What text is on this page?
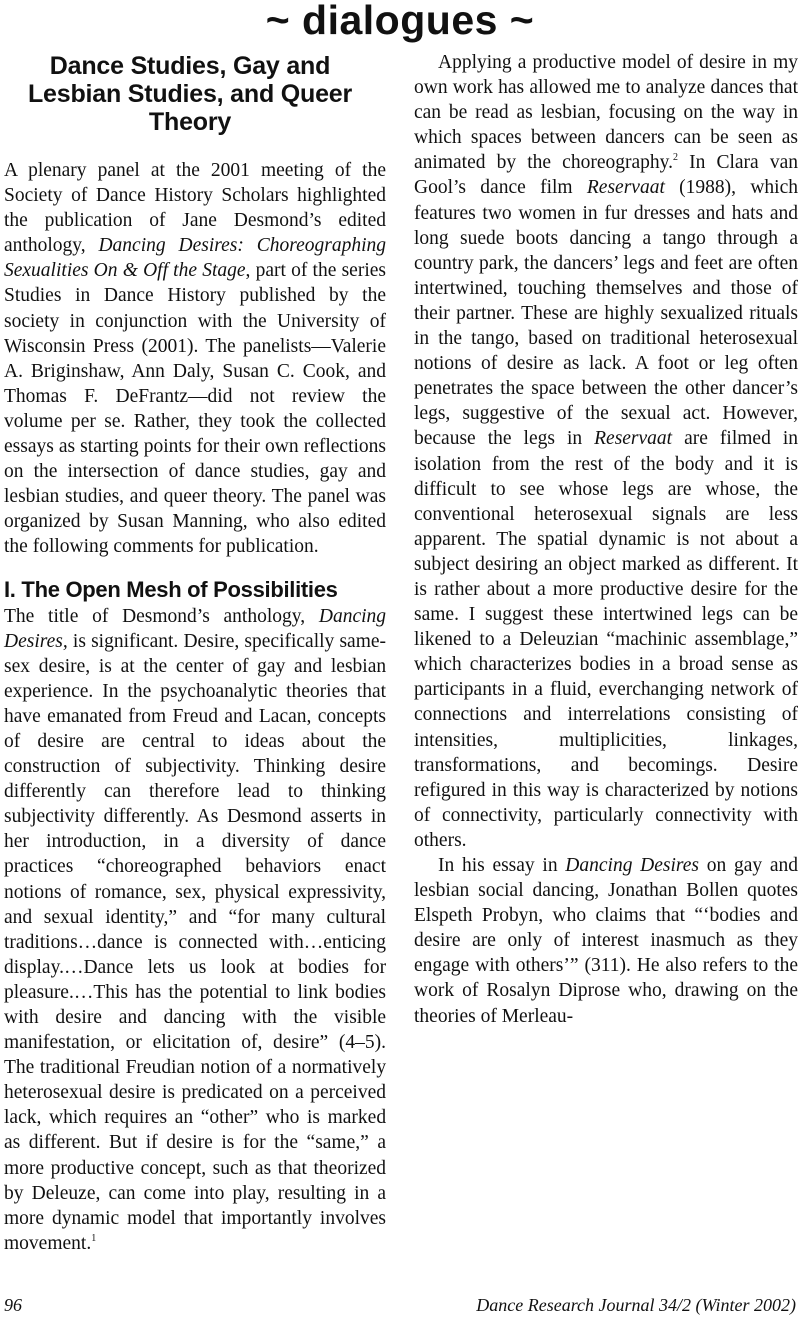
~ dialogues ~
Dance Studies, Gay and Lesbian Studies, and Queer Theory

A plenary panel at the 2001 meeting of the Society of Dance History Scholars highlighted the publication of Jane Desmond’s edited anthology, Dancing Desires: Choreographing Sexualities On & Off the Stage, part of the series Studies in Dance History published by the society in conjunction with the University of Wisconsin Press (2001). The panelists—Valerie A. Briginshaw, Ann Daly, Susan C. Cook, and Thomas F. DeFrantz—did not review the volume per se. Rather, they took the collected essays as starting points for their own reflections on the intersection of dance studies, gay and lesbian studies, and queer theory. The panel was organized by Susan Manning, who also edited the following comments for publication.

I. The Open Mesh of Possibilities

The title of Desmond’s anthology, Dancing Desires, is significant. Desire, specifically same-sex desire, is at the center of gay and lesbian experience. In the psychoanalytic theories that have emanated from Freud and Lacan, concepts of desire are central to ideas about the construction of subjectivity. Thinking desire differently can therefore lead to thinking subjectivity differently. As Desmond asserts in her introduction, in a diversity of dance practices “choreographed behaviors enact notions of romance, sex, physical expressivity, and sexual identity,” and “for many cultural traditions…dance is connected with…enticing display.…Dance lets us look at bodies for pleasure.…This has the potential to link bodies with desire and dancing with the visible manifestation, or elicitation of, desire” (4–5). The traditional Freudian notion of a normatively heterosexual desire is predicated on a perceived lack, which requires an “other” who is marked as different. But if desire is for the “same,” a more productive concept, such as that theorized by Deleuze, can come into play, resulting in a more dynamic model that importantly involves movement.$^1$

Applying a productive model of desire in my own work has allowed me to analyze dances that can be read as lesbian, focusing on the way in which spaces between dancers can be seen as animated by the choreography.$^2$ In Clara van Gool’s dance film Reservaat (1988), which features two women in fur dresses and hats and long suede boots dancing a tango through a country park, the dancers’ legs and feet are often intertwined, touching themselves and those of their partner. These are highly sexualized rituals in the tango, based on traditional heterosexual notions of desire as lack. A foot or leg often penetrates the space between the other dancer’s legs, suggestive of the sexual act. However, because the legs in Reservaat are filmed in isolation from the rest of the body and it is difficult to see whose legs are whose, the conventional heterosexual signals are less apparent. The spatial dynamic is not about a subject desiring an object marked as different. It is rather about a more productive desire for the same. I suggest these intertwined legs can be likened to a Deleuzian “machinic assemblage,” which characterizes bodies in a broad sense as participants in a fluid, everchanging network of connections and interrelations consisting of intensities, multiplicities, linkages, transformations, and becomings. Desire refigured in this way is characterized by notions of connectivity, particularly connectivity with others.

In his essay in Dancing Desires on gay and lesbian social dancing, Jonathan Bollen quotes Elspeth Probyn, who claims that “‘bodies and desire are only of interest inasmuch as they engage with others’” (311). He also refers to the work of Rosalyn Diprose who, drawing on the theories of Merleau-

96	Dance Research Journal 34/2 (Winter 2002)
